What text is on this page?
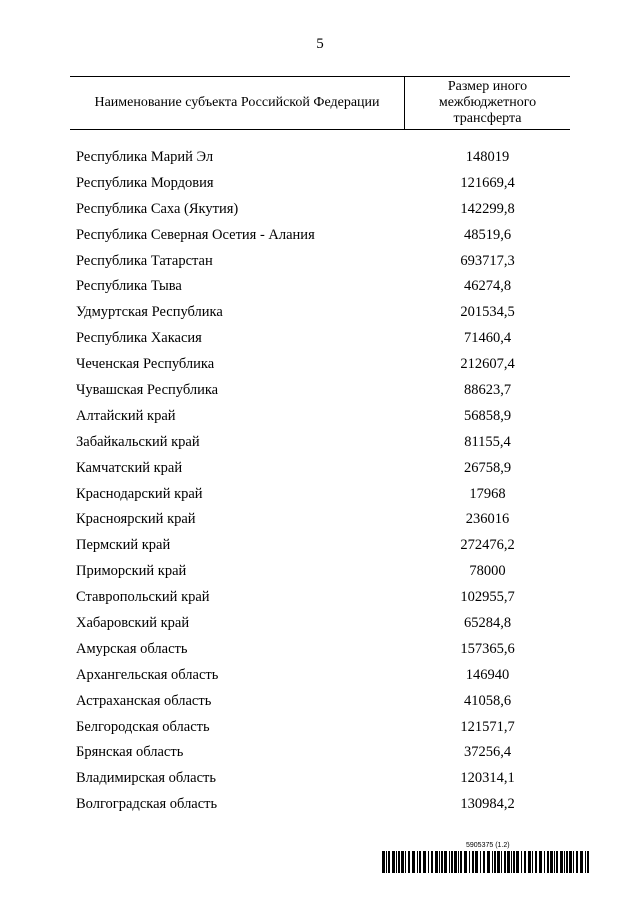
5
Наименование субъекта Российской Федерации
Размер иного межбюджетного трансферта
Республика Марий Эл	148019
Республика Мордовия	121669,4
Республика Саха (Якутия)	142299,8
Республика Северная Осетия - Алания	48519,6
Республика Татарстан	693717,3
Республика Тыва	46274,8
Удмуртская Республика	201534,5
Республика Хакасия	71460,4
Чеченская Республика	212607,4
Чувашская Республика	88623,7
Алтайский край	56858,9
Забайкальский край	81155,4
Камчатский край	26758,9
Краснодарский край	17968
Красноярский край	236016
Пермский край	272476,2
Приморский край	78000
Ставропольский край	102955,7
Хабаровский край	65284,8
Амурская область	157365,6
Архангельская область	146940
Астраханская область	41058,6
Белгородская область	121571,7
Брянская область	37256,4
Владимирская область	120314,1
Волгоградская область	130984,2
5905375 (1.2)
